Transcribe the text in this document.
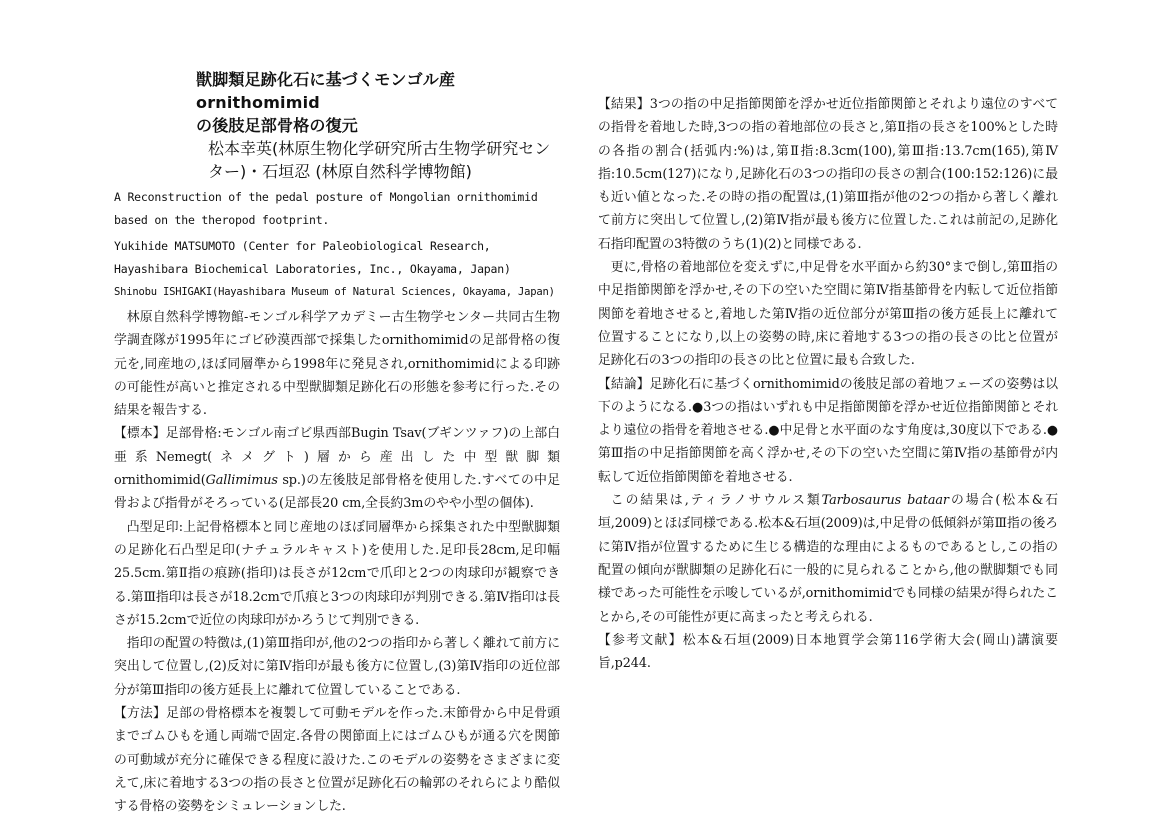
獣脚類足跡化石に基づくモンゴル産 ornithomimid
の後肢足部骨格の復元
松本幸英(林原生物化学研究所古生物学研究セン
ター)・石垣忍 (林原自然科学博物館)
A Reconstruction of the pedal posture of Mongolian ornithomimid based on the theropod footprint.
Yukihide MATSUMOTO (Center for Paleobiological Research, Hayashibara Biochemical Laboratories, Inc., Okayama, Japan)
Shinobu ISHIGAKI(Hayashibara Museum of Natural Sciences, Okayama, Japan)

林原自然科学博物館-モンゴル科学アカデミー古生物学センター共同古生物学調査隊が1995年にゴビ砂漠西部で採集したornithomimidの足部骨格の復元を,同産地の,ほぼ同層準から1998年に発見され,ornithomimidによる印跡の可能性が高いと推定される中型獣脚類足跡化石の形態を参考に行った.その結果を報告する.

【標本】足部骨格:モンゴル南ゴビ県西部Bugin Tsav(ブギンツァフ)の上部白亜系Nemegt(ネメグト)層から産出した中型獣脚類ornithomimid(Gallimimus sp.)の左後肢足部骨格を使用した.すべての中足骨および指骨がそろっている(足部長20 cm,全長約3mのやや小型の個体).

凸型足印:上記骨格標本と同じ産地のほぼ同層準から採集された中型獣脚類の足跡化石凸型足印(ナチュラルキャスト)を使用した.足印長28cm,足印幅25.5cm.第Ⅱ指の痕跡(指印)は長さが12cmで爪印と2つの肉球印が観察できる.第Ⅲ指印は長さが18.2cmで爪痕と3つの肉球印が判別できる.第Ⅳ指印は長さが15.2cmで近位の肉球印がかろうじて判別できる.

指印の配置の特徴は,(1)第Ⅲ指印が,他の2つの指印から著しく離れて前方に突出して位置し,(2)反対に第Ⅳ指印が最も後方に位置し,(3)第Ⅳ指印の近位部分が第Ⅲ指印の後方延長上に離れて位置していることである.

【方法】足部の骨格標本を複製して可動モデルを作った.末節骨から中足骨頭までゴムひもを通し両端で固定.各骨の関節面上にはゴムひもが通る穴を関節の可動域が充分に確保できる程度に設けた.このモデルの姿勢をさまざまに変えて,床に着地する3つの指の長さと位置が足跡化石の輪郭のそれらにより酷似する骨格の姿勢をシミュレーションした.

【結果】3つの指の中足指節関節を浮かせ近位指節関節とそれより遠位のすべての指骨を着地した時,3つの指の着地部位の長さと,第Ⅱ指の長さを100%とした時の各指の割合(括弧内:%)は,第Ⅱ指:8.3cm(100),第Ⅲ指:13.7cm(165),第Ⅳ指:10.5cm(127)になり,足跡化石の3つの指印の長さの割合(100:152:126)に最も近い値となった.その時の指の配置は,(1)第Ⅲ指が他の2つの指から著しく離れて前方に突出して位置し,(2)第Ⅳ指が最も後方に位置した.これは前記の,足跡化石指印配置の3特徴のうち(1)(2)と同様である.

更に,骨格の着地部位を変えずに,中足骨を水平面から約30°まで倒し,第Ⅲ指の中足指節関節を浮かせ,その下の空いた空間に第Ⅳ指基節骨を内転して近位指節関節を着地させると,着地した第Ⅳ指の近位部分が第Ⅲ指の後方延長上に離れて位置することになり,以上の姿勢の時,床に着地する3つの指の長さの比と位置が足跡化石の3つの指印の長さの比と位置に最も合致した.

【結論】足跡化石に基づくornithomimidの後肢足部の着地フェーズの姿勢は以下のようになる.●3つの指はいずれも中足指節関節を浮かせ近位指節関節とそれより遠位の指骨を着地させる.●中足骨と水平面のなす角度は,30度以下である.●第Ⅲ指の中足指節関節を高く浮かせ,その下の空いた空間に第Ⅳ指の基節骨が内転して近位指節関節を着地させる.

この結果は,ティラノサウルス類Tarbosaurus bataarの場合(松本&石垣,2009)とほぼ同様である.松本&石垣(2009)は,中足骨の低傾斜が第Ⅲ指の後ろに第Ⅳ指が位置するために生じる構造的な理由によるものであるとし,この指の配置の傾向が獣脚類の足跡化石に一般的に見られることから,他の獣脚類でも同様であった可能性を示唆しているが,ornithomimidでも同様の結果が得られたことから,その可能性が更に高まったと考えられる.

【参考文献】松本&石垣(2009)日本地質学会第116学術大会(岡山)講演要旨,p244.
